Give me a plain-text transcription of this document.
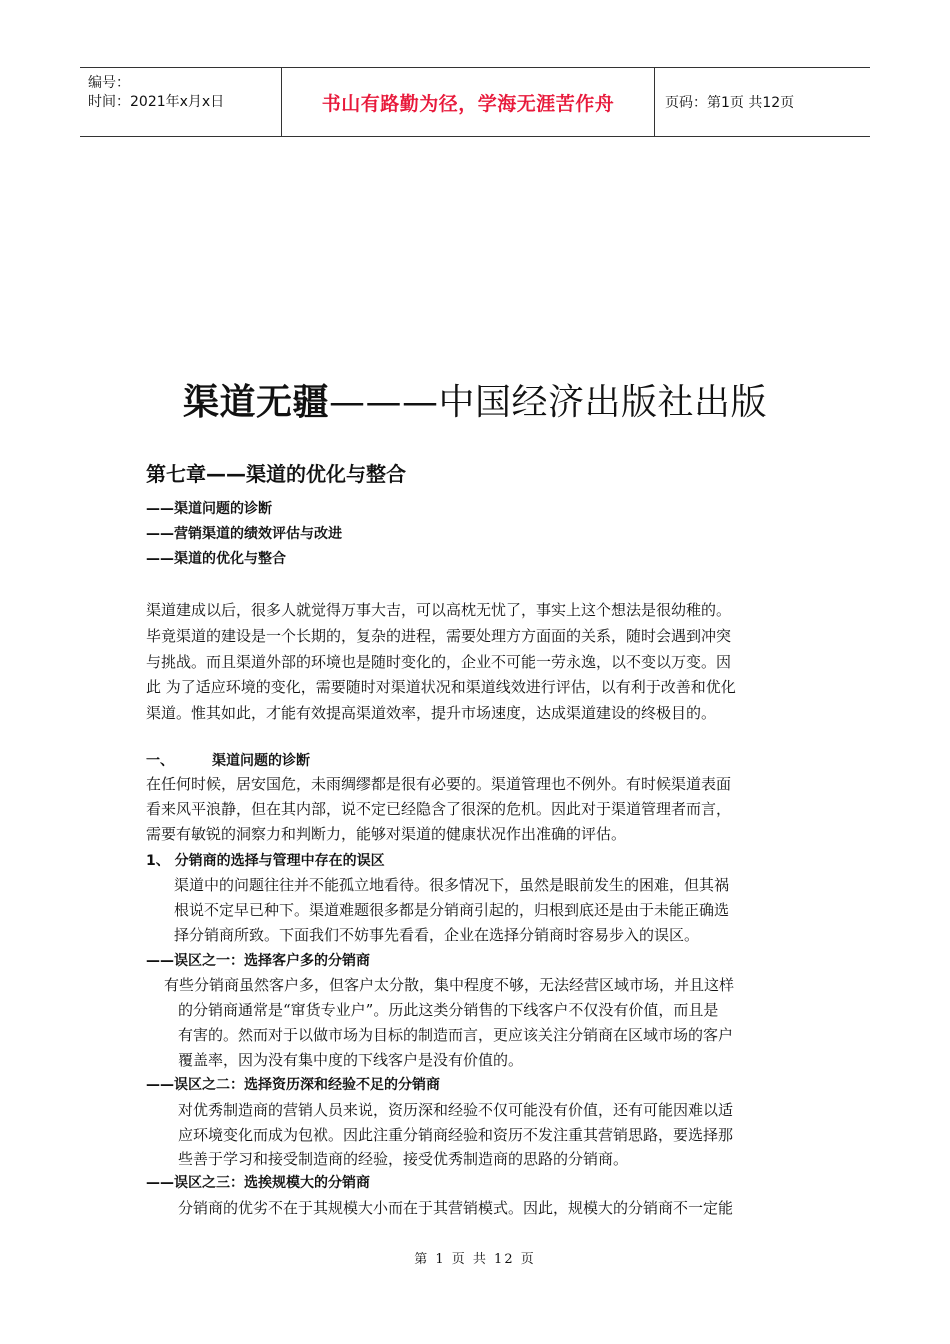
编号：
时间：2021年x月x日	书山有路勤为径，学海无涯苦作舟	页码：第1页 共12页
渠道无疆———中国经济出版社出版
第七章——渠道的优化与整合
——渠道问题的诊断
——营销渠道的绩效评估与改进
——渠道的优化与整合
渠道建成以后，很多人就觉得万事大吉，可以高枕无忧了，事实上这个想法是很幼稚的。
毕竟渠道的建设是一个长期的，复杂的进程，需要处理方方面面的关系，随时会遇到冲突
与挑战。而且渠道外部的环境也是随时变化的，企业不可能一劳永逸，以不变以万变。因
此 为了适应环境的变化，需要随时对渠道状况和渠道线效进行评估，以有利于改善和优化
渠道。惟其如此，才能有效提高渠道效率，提升市场速度，达成渠道建设的终极目的。
一、	渠道问题的诊断
在任何时候，居安国危，未雨绸缪都是很有必要的。渠道管理也不例外。有时候渠道表面
看来风平浪静，但在其内部，说不定已经隐含了很深的危机。因此对于渠道管理者而言，
需要有敏锐的洞察力和判断力，能够对渠道的健康状况作出准确的评估。
1、 分销商的选择与管理中存在的误区
渠道中的问题往往并不能孤立地看待。很多情况下，虽然是眼前发生的困难，但其祸
根说不定早已种下。渠道难题很多都是分销商引起的，归根到底还是由于未能正确选
择分销商所致。下面我们不妨事先看看，企业在选择分销商时容易步入的误区。
——误区之一：选择客户多的分销商
有些分销商虽然客户多，但客户太分散，集中程度不够，无法经营区域市场，并且这样
的分销商通常是“窜货专业户”。历此这类分销售的下线客户不仅没有价值，而且是
有害的。然而对于以做市场为目标的制造而言，更应该关注分销商在区域市场的客户
覆盖率，因为没有集中度的下线客户是没有价值的。
——误区之二：选择资历深和经验不足的分销商
对优秀制造商的营销人员来说，资历深和经验不仅可能没有价值，还有可能因难以适
应环境变化而成为包袱。因此注重分销商经验和资历不发注重其营销思路，要选择那
些善于学习和接受制造商的经验，接受优秀制造商的思路的分销商。
——误区之三：选挨规模大的分销商
分销商的优劣不在于其规模大小而在于其营销模式。因此，规模大的分销商不一定能
第 1 页 共 12 页
